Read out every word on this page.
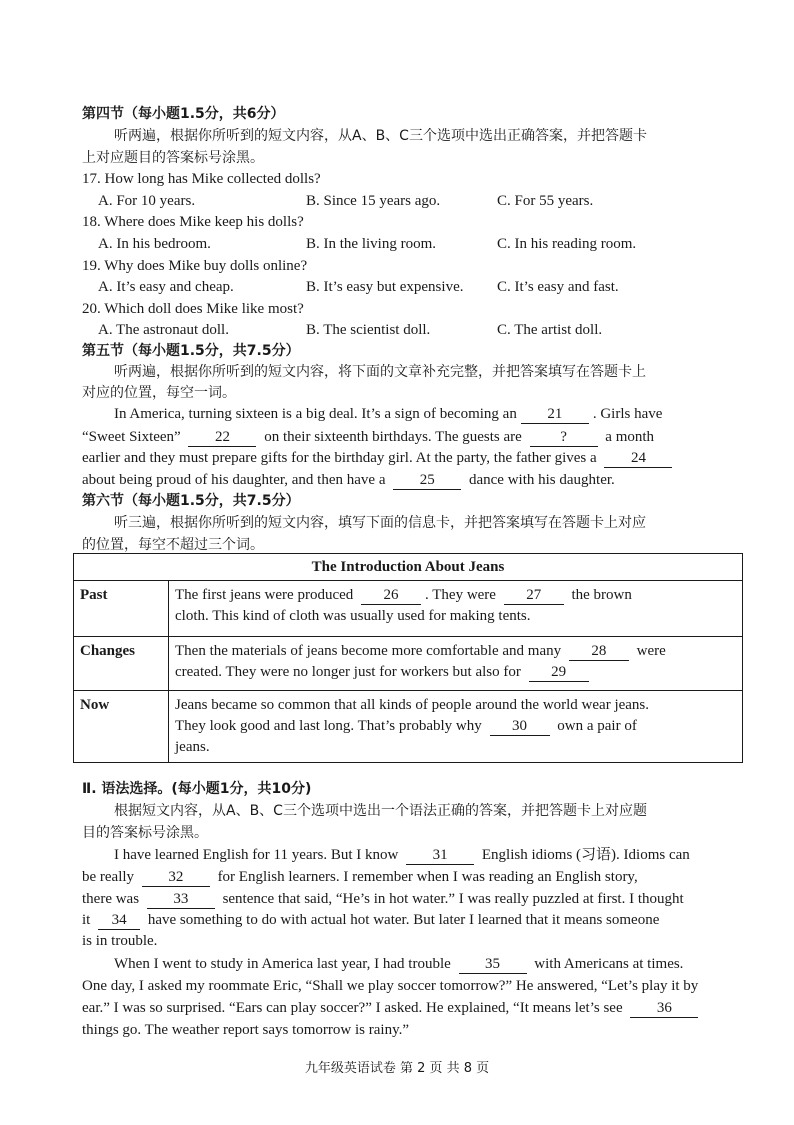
第四节（每小题1.5分，共6分）
听两遍，根据你所听到的短文内容，从A、B、C三个选项中选出正确答案，并把答题卡
上对应题目的答案标号涂黑。
17. How long has Mike collected dolls?
A. For 10 years.	B. Since 15 years ago.	C. For 55 years.
18. Where does Mike keep his dolls?
A. In his bedroom.	B. In the living room.	C. In his reading room.
19. Why does Mike buy dolls online?
A. It’s easy and cheap.	B. It’s easy but expensive. C. It’s easy and fast.
20. Which doll does Mike like most?
A. The astronaut doll.	B. The scientist doll.	C. The artist doll.
第五节（每小题1.5分，共7.5分）
听两遍，根据你所听到的短文内容，将下面的文章补充完整，并把答案填写在答题卡上
对应的位置，每空一词。
In America, turning sixteen is a big deal. It’s a sign of becoming an 21 . Girls have
“Sweet Sixteen” 22 on their sixteenth birthdays. The guests are	?	a month
earlier and they must prepare gifts for the birthday girl. At the party, the father gives a 24
about being proud of his daughter, and then have a 25 dance with his daughter.
第六节（每小题1.5分，共7.5分）
听三遍，根据你所听到的短文内容，填写下面的信息卡，并把答案填写在答题卡上对应
的位置，每空不超过三个词。
The Introduction About Jeans	
Past	The first jeans were produced 26 . They were 27 the brown
cloth. This kind of cloth was usually used for making tents.
Changes	Then the materials of jeans become more comfortable and many 28 were
created. They were no longer just for workers but also for 29
Now	Jeans became so common that all kinds of people around the world wear jeans.
They look good and last long. That’s probably why 30 own a pair of
jeans.
Ⅱ. 语法选择。(每小题1分，共10分)
根据短文内容，从A、B、C三个选项中选出一个语法正确的答案，并把答题卡上对应题
目的答案标号涂黑。
I have learned English for 11 years. But I know 31 English idioms (习语). Idioms can
be really 32 for English learners. I remember when I was reading an English story,
there was 33 sentence that said, “He’s in hot water.” I was really puzzled at first. I thought
it 34 have something to do with actual hot water. But later I learned that it means someone
is in trouble.
When I went to study in America last year, I had trouble 35 with Americans at times.
One day, I asked my roommate Eric, “Shall we play soccer tomorrow?” He answered, “Let’s play it by
ear.” I was so surprised. “Ears can play soccer?” I asked. He explained, “It means let’s see 36
things go. The weather report says tomorrow is rainy.”
九年级英语试卷 第 2 页 共 8 页
